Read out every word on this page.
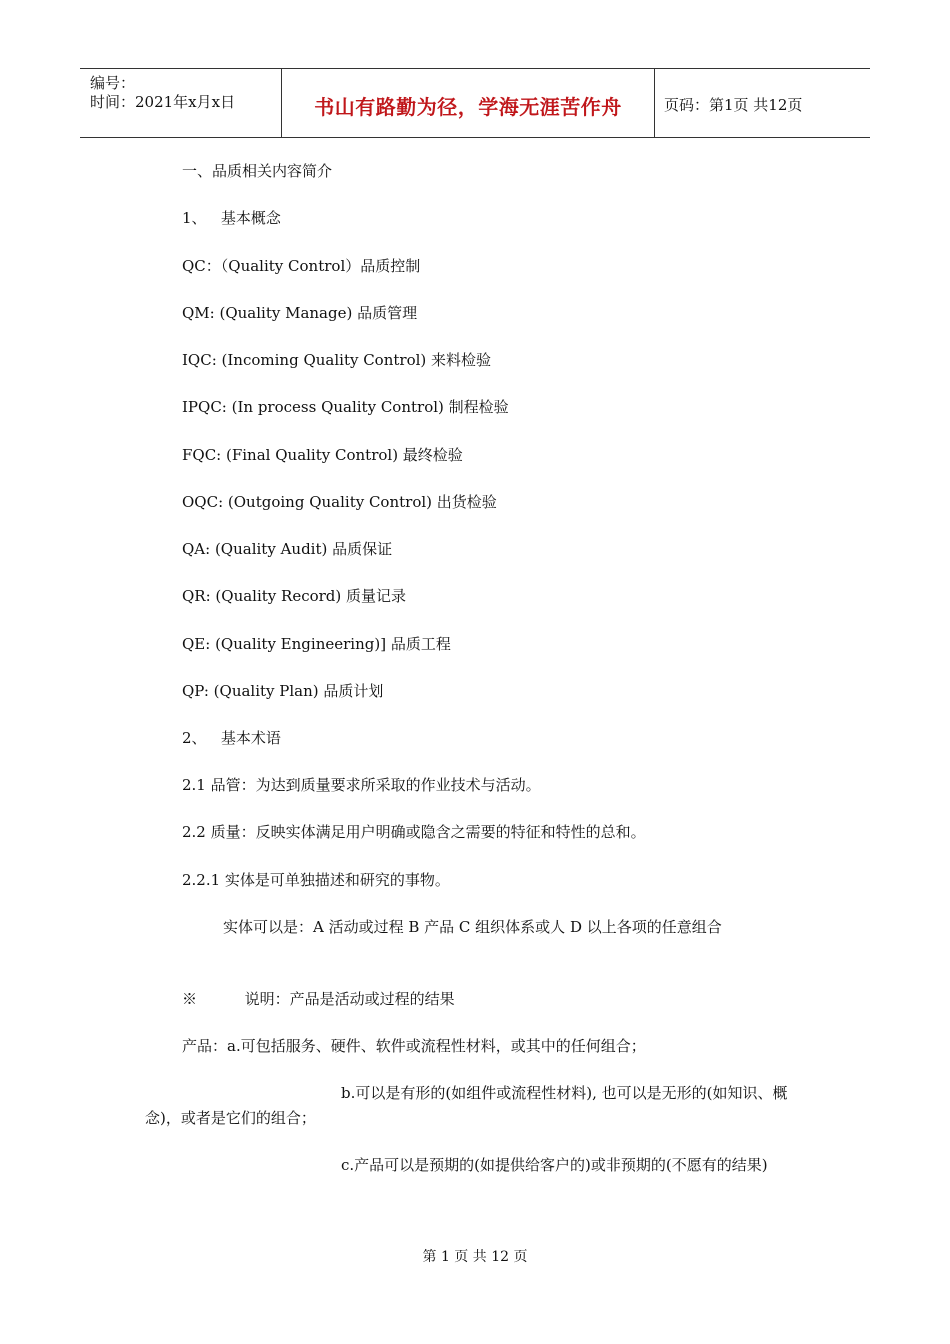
编号：
时间：2021年x月x日	书山有路勤为径，学海无涯苦作舟	页码：第1页 共12页
一、品质相关内容简介
1、   基本概念
QC：（Quality Control）品质控制
QM: (Quality Manage) 品质管理
IQC: (Incoming Quality Control) 来料检验
IPQC: (In process Quality Control) 制程检验
FQC: (Final Quality Control) 最终检验
OQC: (Outgoing Quality Control) 出货检验
QA: (Quality Audit) 品质保证
QR: (Quality Record) 质量记录
QE: (Quality Engineering)] 品质工程
QP: (Quality Plan) 品质计划
2、   基本术语
2.1 品管：为达到质量要求所采取的作业技术与活动。
2.2 质量：反映实体满足用户明确或隐含之需要的特征和特性的总和。
2.2.1 实体是可单独描述和研究的事物。
实体可以是：A 活动或过程 B 产品 C 组织体系或人 D 以上各项的任意组合
※          说明：产品是活动或过程的结果
产品：a.可包括服务、硬件、软件或流程性材料，或其中的任何组合；
b.可以是有形的(如组件或流程性材料), 也可以是无形的(如知识、概念)，或者是它们的组合；
c.产品可以是预期的(如提供给客户的)或非预期的(不愿有的结果)
第 1 页 共 12 页
